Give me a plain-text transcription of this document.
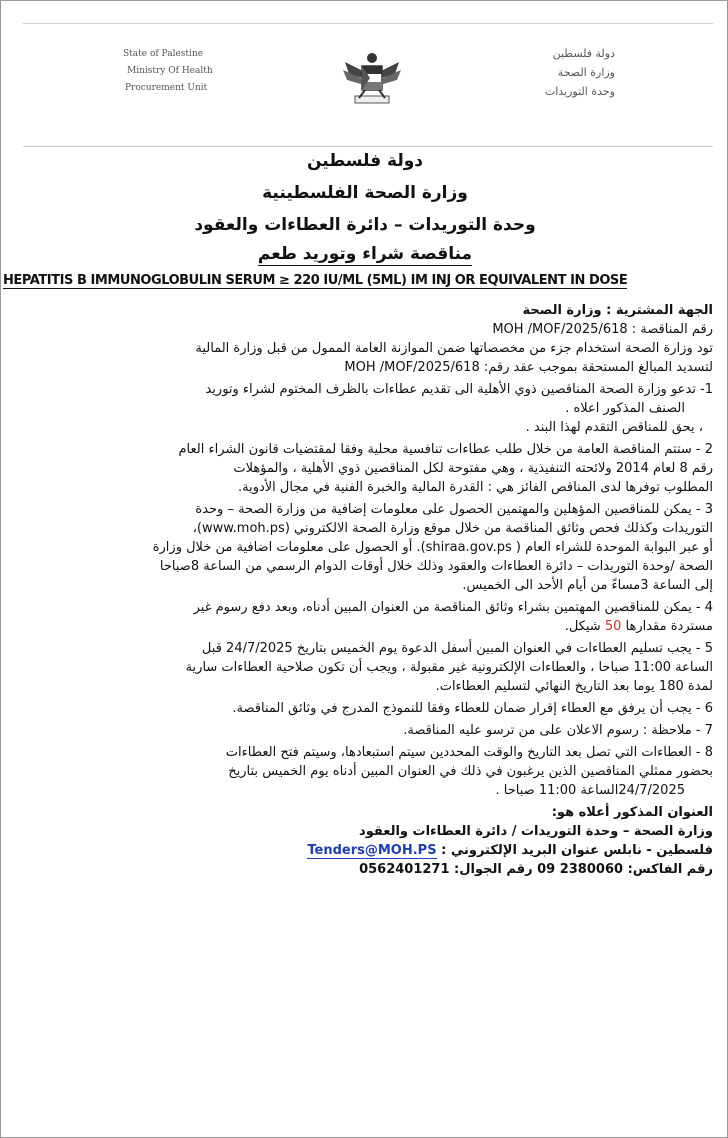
State of Palestine
Ministry Of Health
Procurement Unit
دولة فلسطين
وزارة الصحة
وحدة التوريدات
دولة فلسطين
وزارة الصحة الفلسطينية
وحدة التوريدات – دائرة العطاءات والعقود
مناقصة شراء وتوريد طعم
HEPATITIS B IMMUNOGLOBULIN SERUM ≥ 220 IU/ML (5ML) IM INJ OR EQUIVALENT IN DOSE

الجهة المشترية : وزارة الصحة

رقم المناقصة : MOH /MOF/2025/618

تود وزارة الصحة استخدام جزء من مخصصاتها ضمن الموازنة العامة الممول من قبل وزارة المالية

لتسديد المبالغ المستحقة بموجب عقد رقم: MOH /MOF/2025/618

1- تدعو وزارة الصحة المناقصين ذوي الأهلية الى تقديم عطاءات بالظرف المختوم لشراء وتوريد
الصنف المذكور اعلاه .
، يحق للمناقص التقدم لهذا البند .
2 - ستتم المناقصة العامة من خلال طلب عطاءات تنافسية محلية وفقا لمقتضيات قانون الشراء العام
رقم 8 لعام 2014 ولائحته التنفيذية ، وهي مفتوحة لكل المناقصين ذوي الأهلية ، والمؤهلات
المطلوب توفرها لدى المناقص الفائز هي : القدرة المالية والخبرة الفنية في مجال الأدوية.
3 - يمكن للمناقصين المؤهلين والمهتمين الحصول على معلومات إضافية من وزارة الصحة – وحدة
التوريدات وكذلك فحص وثائق المناقصة من خلال موقع وزارة الصحة الالكتروني (www.moh.ps)،
أو عبر البوابة الموحدة للشراء العام ( shiraa.gov.ps). أو الحصول على معلومات اضافية من خلال وزارة
الصحة /وحدة التوريدات – دائرة العطاءات والعقود وذلك خلال أوقات الدوام الرسمي من الساعة 8صباحا
إلى الساعة 3مساءً من أيام الأحد الى الخميس.
4 - يمكن للمناقصين المهتمين بشراء وثائق المناقصة من العنوان المبين أدناه، وبعد دفع رسوم غير
مستردة مقدارها 50 شيكل.
5 - يجب تسليم العطاءات في العنوان المبين أسفل الدعوة يوم الخميس بتاريخ 24/7/2025 قبل
الساعة 11:00 صباحا ، والعطاءات الإلكترونية غير مقبولة ، ويجب أن تكون صلاحية العطاءات سارية
لمدة 180 يوما بعد التاريخ النهائي لتسليم العطاءات.
6 - يجب أن يرفق مع العطاء إقرار ضمان للعطاء وفقا للنموذج المدرج في وثائق المناقصة.
7 - ملاحظة : رسوم الاعلان على من ترسو عليه المناقصة.
8 - العطاءات التي تصل بعد التاريخ والوقت المحددين سيتم استبعادها، وسيتم فتح العطاءات
بحضور ممثلي المناقصين الذين يرغبون في ذلك في العنوان المبين أدناه يوم الخميس بتاريخ
24/7/2025الساعة 11:00 صباحا .
العنوان المذكور أعلاه هو:
وزارة الصحة – وحدة التوريدات / دائرة العطاءات والعقود
فلسطين - نابلس عنوان البريد الإلكتروني : Tenders@MOH.PS
رقم الفاكس: 2380060 09 رقم الجوال: 0562401271
